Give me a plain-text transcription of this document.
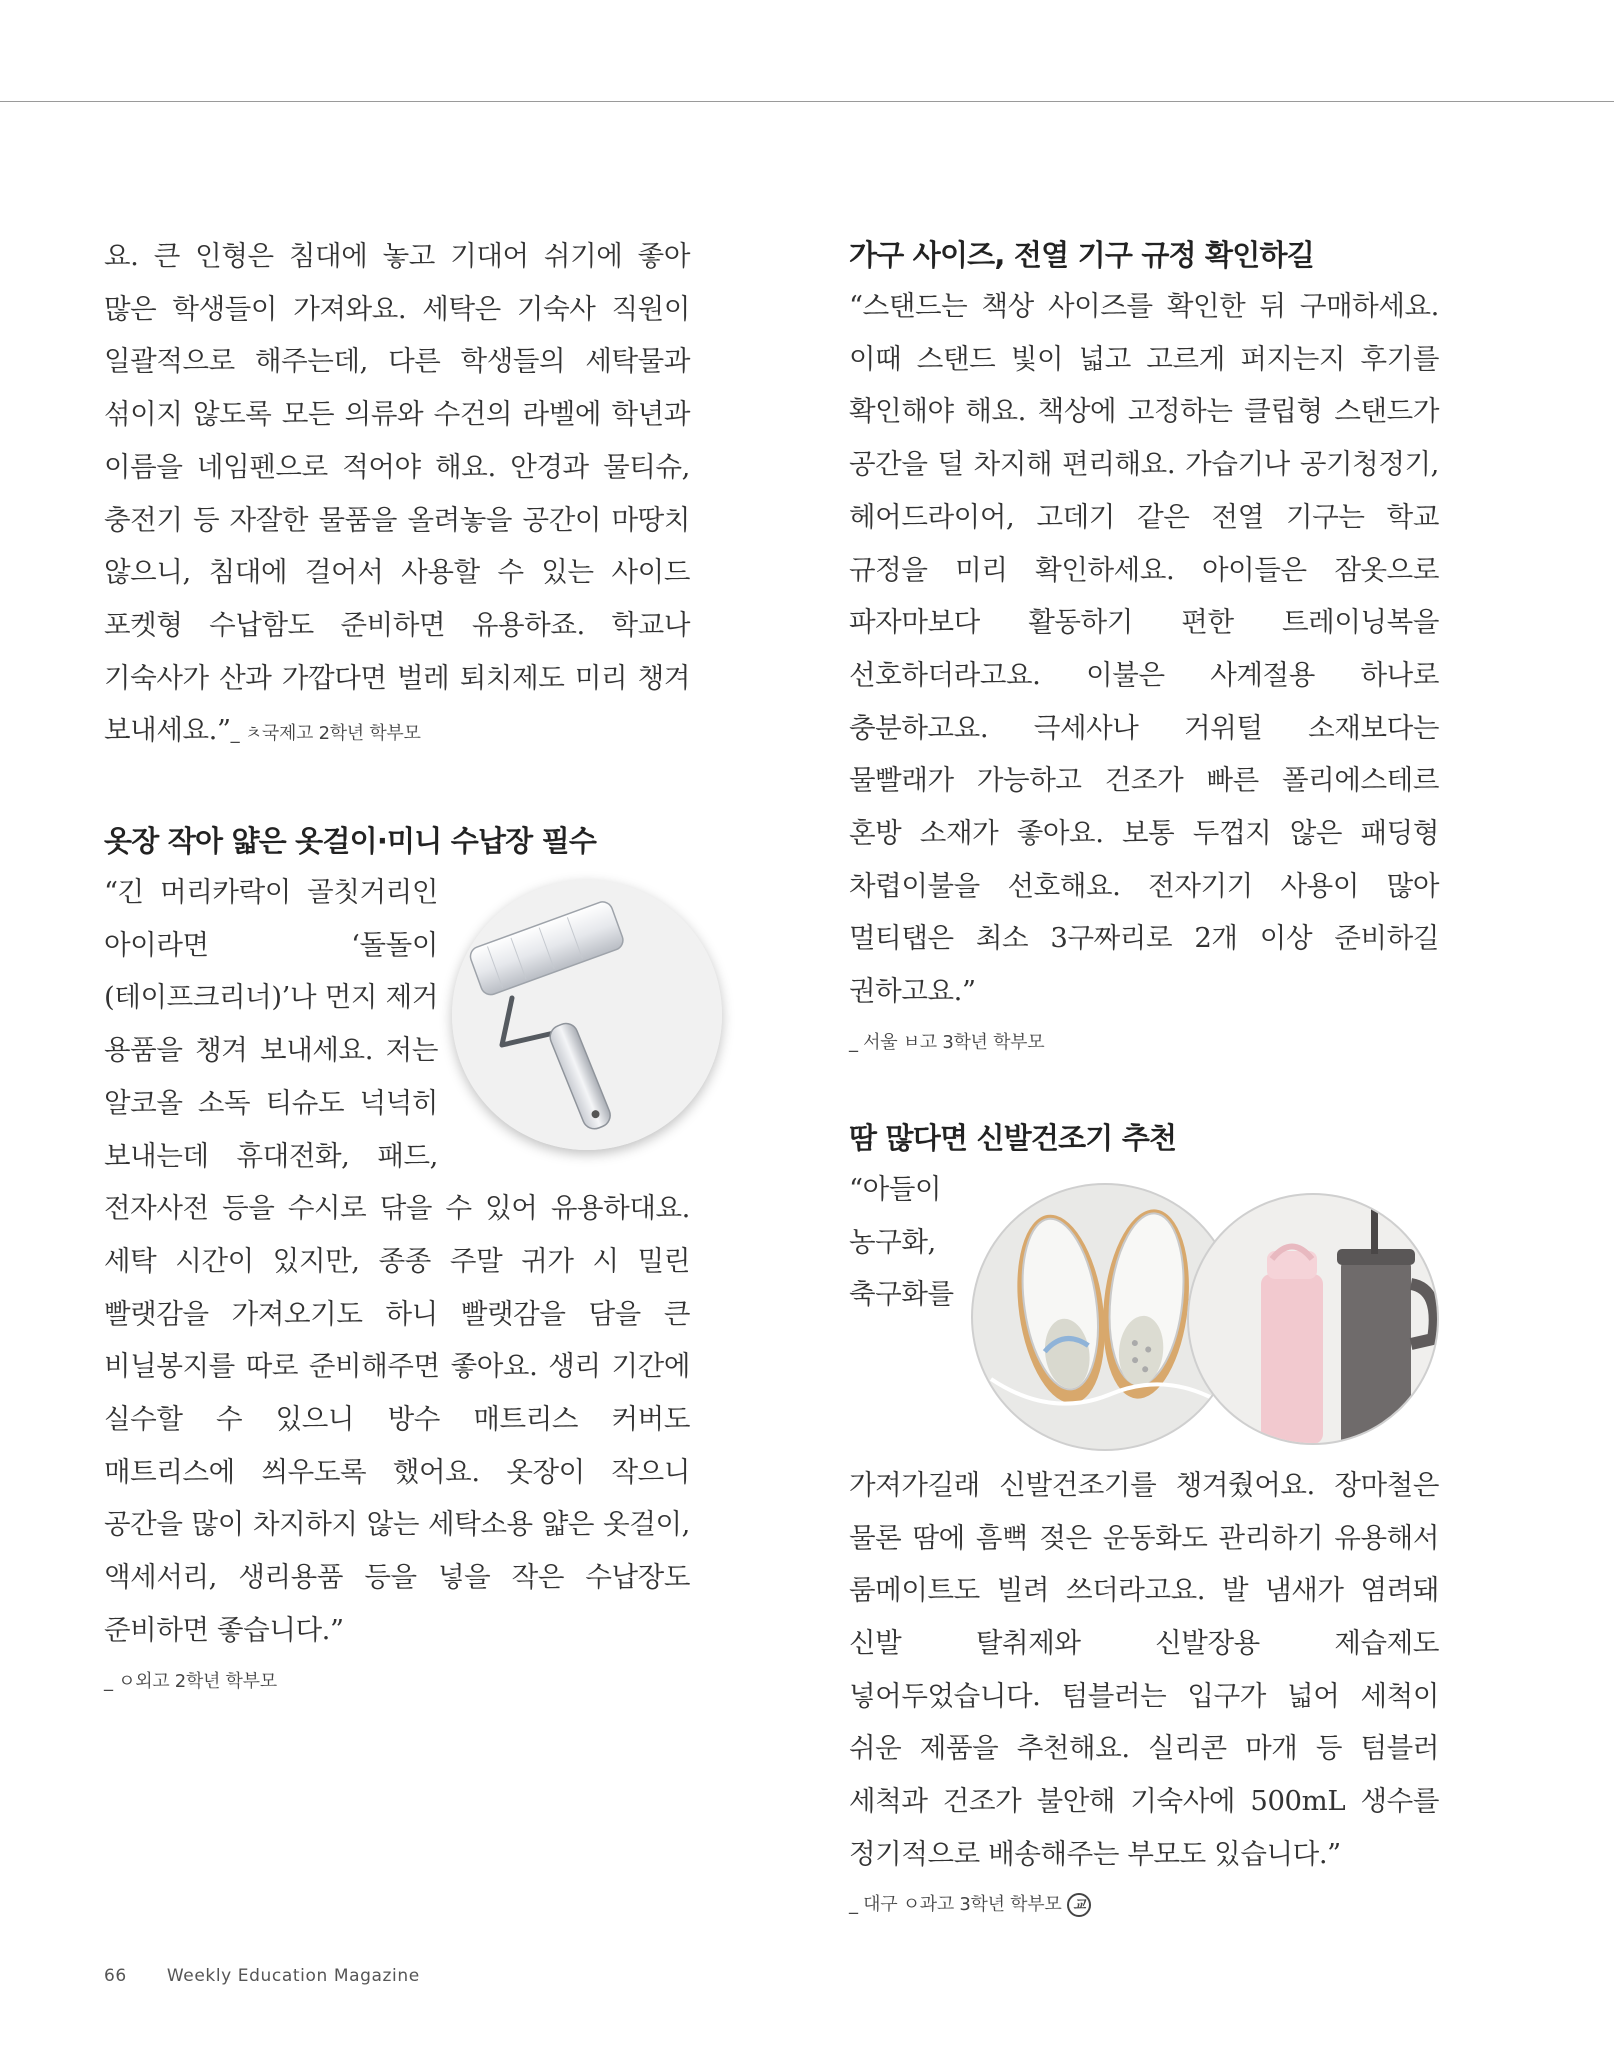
요. 큰 인형은 침대에 놓고 기대어 쉬기에 좋아 많은 학생들이 가져와요. 세탁은 기숙사 직원이 일괄적으로 해주는데, 다른 학생들의 세탁물과 섞이지 않도록 모든 의류와 수건의 라벨에 학년과 이름을 네임펜으로 적어야 해요. 안경과 물티슈, 충전기 등 자잘한 물품을 올려놓을 공간이 마땅치 않으니, 침대에 걸어서 사용할 수 있는 사이드 포켓형 수납함도 준비하면 유용하죠. 학교나 기숙사가 산과 가깝다면 벌레 퇴치제도 미리 챙겨 보내세요.”_ ㅊ국제고 2학년 학부모

옷장 작아 얇은 옷걸이·미니 수납장 필수

“긴 머리카락이 골칫거리인 아이라면 ‘돌돌이(테이프크리너)’나 먼지 제거 용품을 챙겨 보내세요. 저는 알코올 소독 티슈도 넉넉히 보내는데 휴대전화, 패드, 전자사전 등을 수시로 닦을 수 있어 유용하대요. 세탁 시간이 있지만, 종종 주말 귀가 시 밀린 빨랫감을 가져오기도 하니 빨랫감을 담을 큰 비닐봉지를 따로 준비해주면 좋아요. 생리 기간에 실수할 수 있으니 방수 매트리스 커버도 매트리스에 씌우도록 했어요. 옷장이 작으니 공간을 많이 차지하지 않는 세탁소용 얇은 옷걸이, 액세서리, 생리용품 등을 넣을 작은 수납장도 준비하면 좋습니다.”

_ ㅇ외고 2학년 학부모
가구 사이즈, 전열 기구 규정 확인하길

“스탠드는 책상 사이즈를 확인한 뒤 구매하세요. 이때 스탠드 빛이 넓고 고르게 퍼지는지 후기를 확인해야 해요. 책상에 고정하는 클립형 스탠드가 공간을 덜 차지해 편리해요. 가습기나 공기청정기, 헤어드라이어, 고데기 같은 전열 기구는 학교 규정을 미리 확인하세요. 아이들은 잠옷으로 파자마보다 활동하기 편한 트레이닝복을 선호하더라고요. 이불은 사계절용 하나로 충분하고요. 극세사나 거위털 소재보다는 물빨래가 가능하고 건조가 빠른 폴리에스테르 혼방 소재가 좋아요. 보통 두껍지 않은 패딩형 차렵이불을 선호해요. 전자기기 사용이 많아 멀티탭은 최소 3구짜리로 2개 이상 준비하길 권하고요.”

_ 서울 ㅂ고 3학년 학부모
땀 많다면 신발건조기 추천

“아들이 농구화, 축구화를 가져가길래 신발건조기를 챙겨줬어요. 장마철은 물론 땀에 흠뻑 젖은 운동화도 관리하기 유용해서 룸메이트도 빌려 쓰더라고요. 발 냄새가 염려돼 신발 탈취제와 신발장용 제습제도 넣어두었습니다. 텀블러는 입구가 넓어 세척이 쉬운 제품을 추천해요. 실리콘 마개 등 텀블러 세척과 건조가 불안해 기숙사에 500mL 생수를 정기적으로 배송해주는 부모도 있습니다.”

_ 대구 ㅇ과고 3학년 학부모 교
66 Weekly Education Magazine
